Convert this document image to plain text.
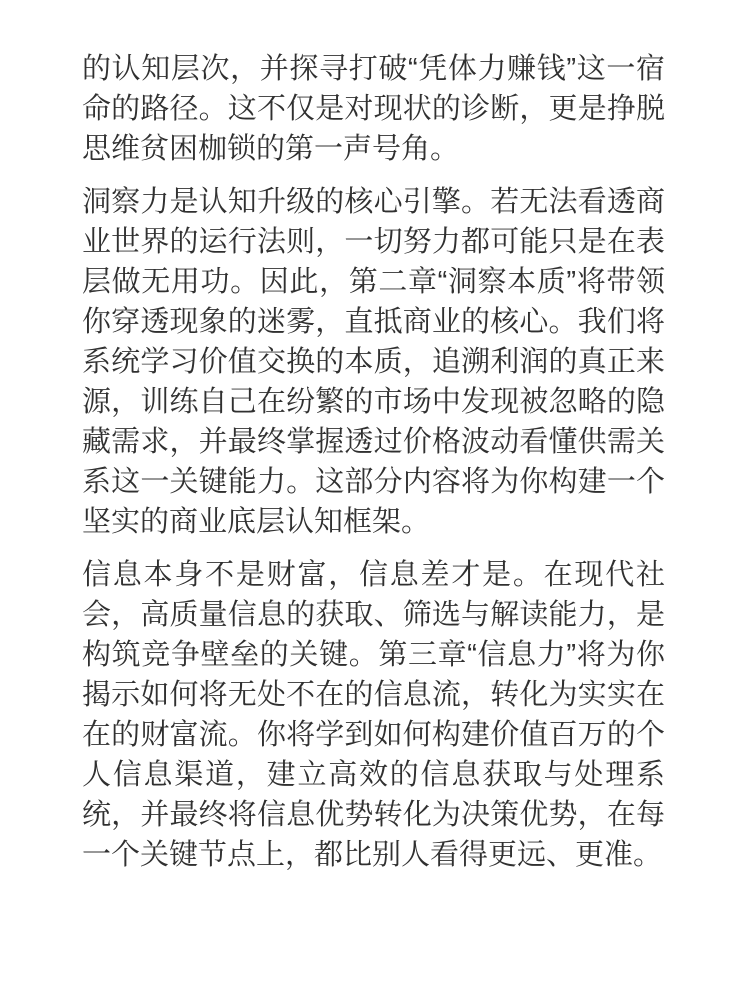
的认知层次，并探寻打破“凭体力赚钱”这一宿命的路径。这不仅是对现状的诊断，更是挣脱思维贫困枷锁的第一声号角。

洞察力是认知升级的核心引擎。若无法看透商业世界的运行法则，一切努力都可能只是在表层做无用功。因此，第二章“洞察本质”将带领你穿透现象的迷雾，直抵商业的核心。我们将系统学习价值交换的本质，追溯利润的真正来源，训练自己在纷繁的市场中发现被忽略的隐藏需求，并最终掌握透过价格波动看懂供需关系这一关键能力。这部分内容将为你构建一个坚实的商业底层认知框架。

信息本身不是财富，信息差才是。在现代社会，高质量信息的获取、筛选与解读能力，是构筑竞争壁垒的关键。第三章“信息力”将为你揭示如何将无处不在的信息流，转化为实实在在的财富流。你将学到如何构建价值百万的个人信息渠道，建立高效的信息获取与处理系统，并最终将信息优势转化为决策优势，在每一个关键节点上，都比别人看得更远、更准。
